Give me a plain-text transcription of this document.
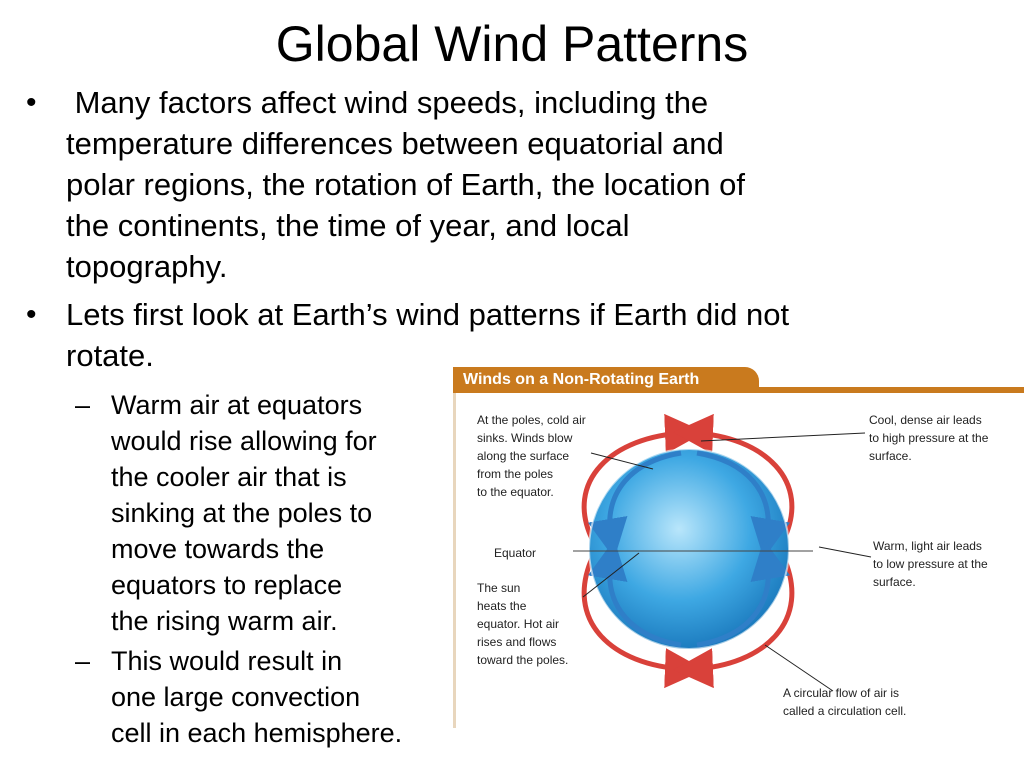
Global Wind Patterns
• Many factors affect wind speeds, including the
temperature differences between equatorial and
polar regions, the rotation of Earth, the location of
the continents, the time of year, and local
topography.
• Lets first look at Earth’s wind patterns if Earth did not
rotate.
– Warm air at equators
would rise allowing for
the cooler air that is
sinking at the poles to
move towards the
equators to replace
the rising warm air.
– This would result in
one large convection
cell in each hemisphere.
Winds on a Non-Rotating Earth
Equator
At the poles, cold air
sinks. Winds blow
along the surface
from the poles
to the equator.
Cool, dense air leads
to high pressure at the
surface.
Warm, light air leads
to low pressure at the
surface.
The sun
heats the
equator. Hot air
rises and flows
toward the poles.
A circular flow of air is
called a circulation cell.
